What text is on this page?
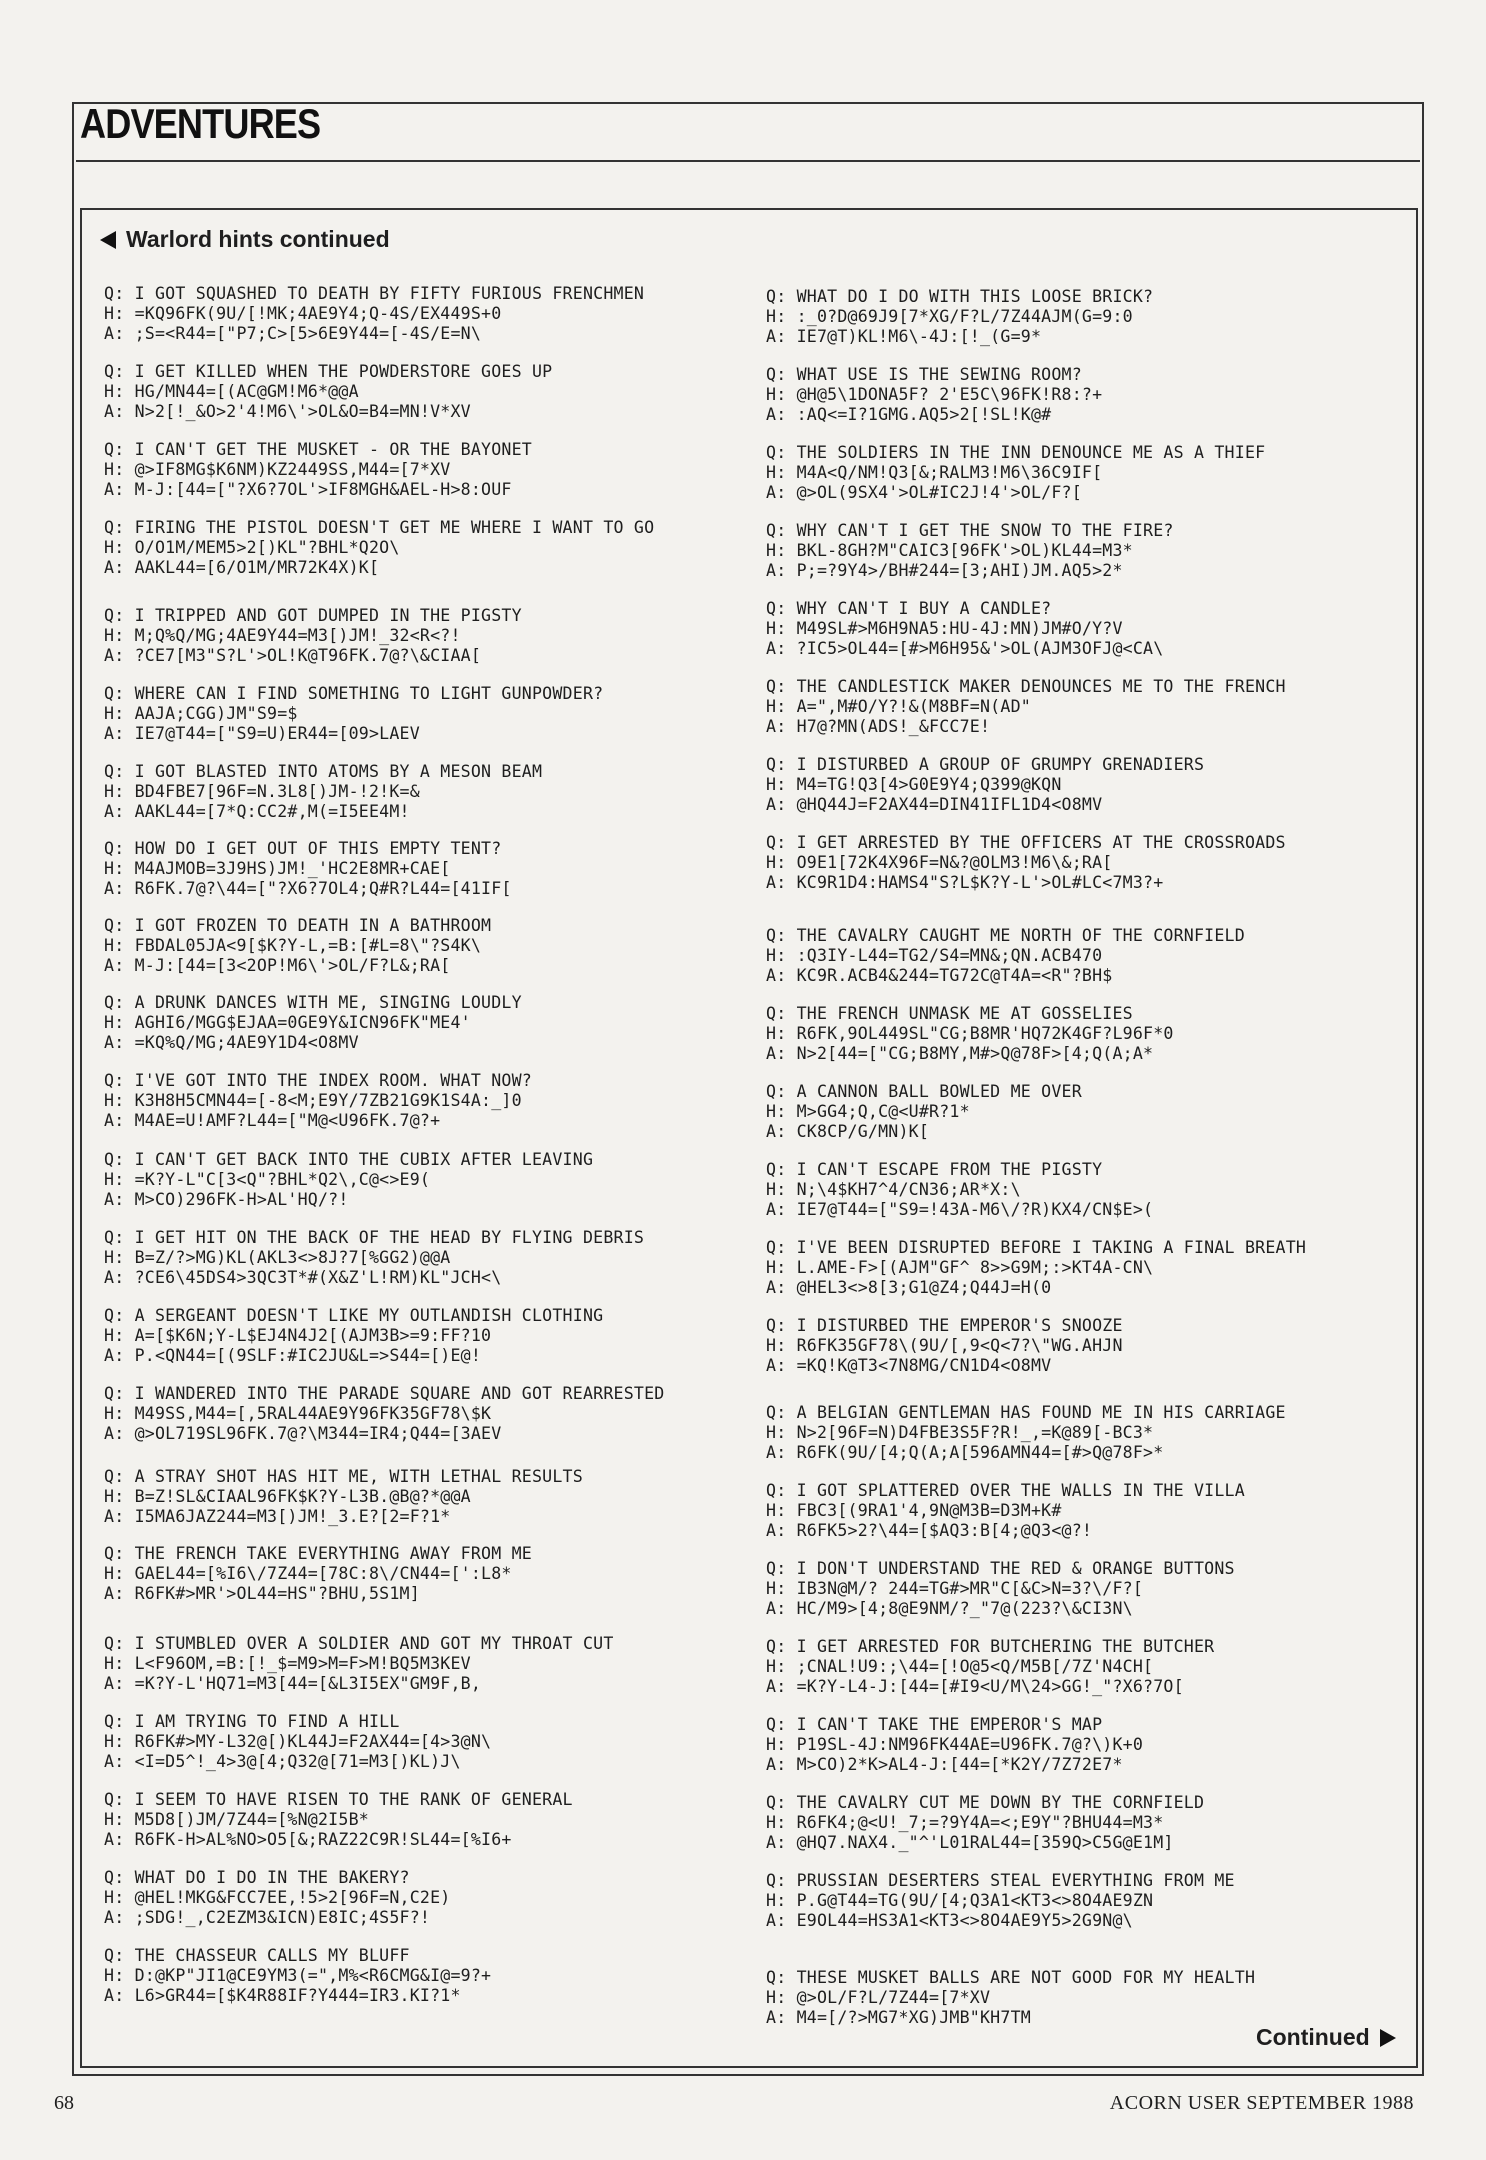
ADVENTURES
Warlord hints continued
Q: I GOT SQUASHED TO DEATH BY FIFTY FURIOUS FRENCHMEN
H: =KQ96FK(9U/[!MK;4AE9Y4;Q-4S/EX449S+0
A: ;S=<R44=["P7;C>[5>6E9Y44=[-4S/E=N\
Q: I GET KILLED WHEN THE POWDERSTORE GOES UP
H: HG/MN44=[(AC@GM!M6*@@A
A: N>2[!_&O>2'4!M6\'>OL&O=B4=MN!V*XV
Q: I CAN'T GET THE MUSKET - OR THE BAYONET
H: @>IF8MG$K6NM)KZ2449SS,M44=[7*XV
A: M-J:[44=["?X6?7OL'>IF8MGH&AEL-H>8:OUF
Q: FIRING THE PISTOL DOESN'T GET ME WHERE I WANT TO GO
H: O/O1M/MEM5>2[)KL"?BHL*Q2O\
A: AAKL44=[6/O1M/MR72K4X)K[
Q: I TRIPPED AND GOT DUMPED IN THE PIGSTY
H: M;Q%Q/MG;4AE9Y44=M3[)JM!_32<R<?!
A: ?CE7[M3"S?L'>OL!K@T96FK.7@?\&CIAA[
Q: WHERE CAN I FIND SOMETHING TO LIGHT GUNPOWDER?
H: AAJA;CGG)JM"S9=$
A: IE7@T44=["S9=U)ER44=[09>LAEV
Q: I GOT BLASTED INTO ATOMS BY A MESON BEAM
H: BD4FBE7[96F=N.3L8[)JM-!2!K=&
A: AAKL44=[7*Q:CC2#,M(=I5EE4M!
Q: HOW DO I GET OUT OF THIS EMPTY TENT?
H: M4AJMOB=3J9HS)JM!_'HC2E8MR+CAE[
A: R6FK.7@?\44=["?X6?7OL4;Q#R?L44=[41IF[
Q: I GOT FROZEN TO DEATH IN A BATHROOM
H: FBDAL05JA<9[$K?Y-L,=B:[#L=8\"?S4K\
A: M-J:[44=[3<2OP!M6\'>OL/F?L&;RA[
Q: A DRUNK DANCES WITH ME, SINGING LOUDLY
H: AGHI6/MGG$EJAA=0GE9Y&ICN96FK"ME4'
A: =KQ%Q/MG;4AE9Y1D4<O8MV
Q: I'VE GOT INTO THE INDEX ROOM. WHAT NOW?
H: K3H8H5CMN44=[-8<M;E9Y/7ZB21G9K1S4A:_]0
A: M4AE=U!AMF?L44=["M@<U96FK.7@?+
Q: I CAN'T GET BACK INTO THE CUBIX AFTER LEAVING
H: =K?Y-L"C[3<Q"?BHL*Q2\,C@<>E9(
A: M>CO)296FK-H>AL'HQ/?!
Q: I GET HIT ON THE BACK OF THE HEAD BY FLYING DEBRIS
H: B=Z/?>MG)KL(AKL3<>8J?7[%GG2)@@A
A: ?CE6\45DS4>3QC3T*#(X&Z'L!RM)KL"JCH<\
Q: A SERGEANT DOESN'T LIKE MY OUTLANDISH CLOTHING
H: A=[$K6N;Y-L$EJ4N4J2[(AJM3B>=9:FF?10
A: P.<QN44=[(9SLF:#IC2JU&L=>S44=[)E@!
Q: I WANDERED INTO THE PARADE SQUARE AND GOT REARRESTED
H: M49SS,M44=[,5RAL44AE9Y96FK35GF78\$K
A: @>OL719SL96FK.7@?\M344=IR4;Q44=[3AEV
Q: A STRAY SHOT HAS HIT ME, WITH LETHAL RESULTS
H: B=Z!SL&CIAAL96FK$K?Y-L3B.@B@?*@@A
A: I5MA6JAZ244=M3[)JM!_3.E?[2=F?1*
Q: THE FRENCH TAKE EVERYTHING AWAY FROM ME
H: GAEL44=[%I6\/7Z44=[78C:8\/CN44=[':L8*
A: R6FK#>MR'>OL44=HS"?BHU,5S1M]
Q: I STUMBLED OVER A SOLDIER AND GOT MY THROAT CUT
H: L<F96OM,=B:[!_$=M9>M=F>M!BQ5M3KEV
A: =K?Y-L'HQ71=M3[44=[&L3I5EX"GM9F,B,
Q: I AM TRYING TO FIND A HILL
H: R6FK#>MY-L32@[)KL44J=F2AX44=[4>3@N\
A: <I=D5^!_4>3@[4;Q32@[71=M3[)KL)J\
Q: I SEEM TO HAVE RISEN TO THE RANK OF GENERAL
H: M5D8[)JM/7Z44=[%N@2I5B*
A: R6FK-H>AL%NO>O5[&;RAZ22C9R!SL44=[%I6+
Q: WHAT DO I DO IN THE BAKERY?
H: @HEL!MKG&FCC7EE,!5>2[96F=N,C2E)
A: ;SDG!_,C2EZM3&ICN)E8IC;4S5F?!
Q: THE CHASSEUR CALLS MY BLUFF
H: D:@KP"JI1@CE9YM3(=",M%<R6CMG&I@=9?+
A: L6>GR44=[$K4R88IF?Y444=IR3.KI?1*
Q: WHAT DO I DO WITH THIS LOOSE BRICK?
H: :_0?D@69J9[7*XG/F?L/7Z44AJM(G=9:0
A: IE7@T)KL!M6\-4J:[!_(G=9*
Q: WHAT USE IS THE SEWING ROOM?
H: @H@5\1DONA5F? 2'E5C\96FK!R8:?+
A: :AQ<=I?1GMG.AQ5>2[!SL!K@#
Q: THE SOLDIERS IN THE INN DENOUNCE ME AS A THIEF
H: M4A<Q/NM!Q3[&;RALM3!M6\36C9IF[
A: @>OL(9SX4'>OL#IC2J!4'>OL/F?[
Q: WHY CAN'T I GET THE SNOW TO THE FIRE?
H: BKL-8GH?M"CAIC3[96FK'>OL)KL44=M3*
A: P;=?9Y4>/BH#244=[3;AHI)JM.AQ5>2*
Q: WHY CAN'T I BUY A CANDLE?
H: M49SL#>M6H9NA5:HU-4J:MN)JM#O/Y?V
A: ?IC5>OL44=[#>M6H95&'>OL(AJM3OFJ@<CA\
Q: THE CANDLESTICK MAKER DENOUNCES ME TO THE FRENCH
H: A=",M#O/Y?!&(M8BF=N(AD"
A: H7@?MN(ADS!_&FCC7E!
Q: I DISTURBED A GROUP OF GRUMPY GRENADIERS
H: M4=TG!Q3[4>G0E9Y4;Q399@KQN
A: @HQ44J=F2AX44=DIN41IFL1D4<O8MV
Q: I GET ARRESTED BY THE OFFICERS AT THE CROSSROADS
H: O9E1[72K4X96F=N&?@OLM3!M6\&;RA[
A: KC9R1D4:HAMS4"S?L$K?Y-L'>OL#LC<7M3?+
Q: THE CAVALRY CAUGHT ME NORTH OF THE CORNFIELD
H: :Q3IY-L44=TG2/S4=MN&;QN.ACB470
A: KC9R.ACB4&244=TG72C@T4A=<R"?BH$
Q: THE FRENCH UNMASK ME AT GOSSELIES
H: R6FK,9OL449SL"CG;B8MR'HQ72K4GF?L96F*0
A: N>2[44=["CG;B8MY,M#>Q@78F>[4;Q(A;A*
Q: A CANNON BALL BOWLED ME OVER
H: M>GG4;Q,C@<U#R?1*
A: CK8CP/G/MN)K[
Q: I CAN'T ESCAPE FROM THE PIGSTY
H: N;\4$KH7^4/CN36;AR*X:\
A: IE7@T44=["S9=!43A-M6\/?R)KX4/CN$E>(
Q: I'VE BEEN DISRUPTED BEFORE I TAKING A FINAL BREATH
H: L.AME-F>[(AJM"GF^ 8>>G9M;:>KT4A-CN\
A: @HEL3<>8[3;G1@Z4;Q44J=H(0
Q: I DISTURBED THE EMPEROR'S SNOOZE
H: R6FK35GF78\(9U/[,9<Q<7?\"WG.AHJN
A: =KQ!K@T3<7N8MG/CN1D4<O8MV
Q: A BELGIAN GENTLEMAN HAS FOUND ME IN HIS CARRIAGE
H: N>2[96F=N)D4FBE3S5F?R!_,=K@89[-BC3*
A: R6FK(9U/[4;Q(A;A[596AMN44=[#>Q@78F>*
Q: I GOT SPLATTERED OVER THE WALLS IN THE VILLA
H: FBC3[(9RA1'4,9N@M3B=D3M+K#
A: R6FK5>2?\44=[$AQ3:B[4;@Q3<@?!
Q: I DON'T UNDERSTAND THE RED & ORANGE BUTTONS
H: IB3N@M/? 244=TG#>MR"C[&C>N=3?\/F?[
A: HC/M9>[4;8@E9NM/?_"7@(223?\&CI3N\
Q: I GET ARRESTED FOR BUTCHERING THE BUTCHER
H: ;CNAL!U9:;\44=[!O@5<Q/M5B[/7Z'N4CH[
A: =K?Y-L4-J:[44=[#I9<U/M\24>GG!_"?X6?7O[
Q: I CAN'T TAKE THE EMPEROR'S MAP
H: P19SL-4J:NM96FK44AE=U96FK.7@?\)K+0
A: M>CO)2*K>AL4-J:[44=[*K2Y/7Z72E7*
Q: THE CAVALRY CUT ME DOWN BY THE CORNFIELD
H: R6FK4;@<U!_7;=?9Y4A=<;E9Y"?BHU44=M3*
A: @HQ7.NAX4._"^'L01RAL44=[359Q>C5G@E1M]
Q: PRUSSIAN DESERTERS STEAL EVERYTHING FROM ME
H: P.G@T44=TG(9U/[4;Q3A1<KT3<>8O4AE9ZN
A: E9OL44=HS3A1<KT3<>8O4AE9Y5>2G9N@\
Q: THESE MUSKET BALLS ARE NOT GOOD FOR MY HEALTH
H: @>OL/F?L/7Z44=[7*XV
A: M4=[/?>MG7*XG)JMB"KH7TM
Continued
68	ACORN USER SEPTEMBER 1988
